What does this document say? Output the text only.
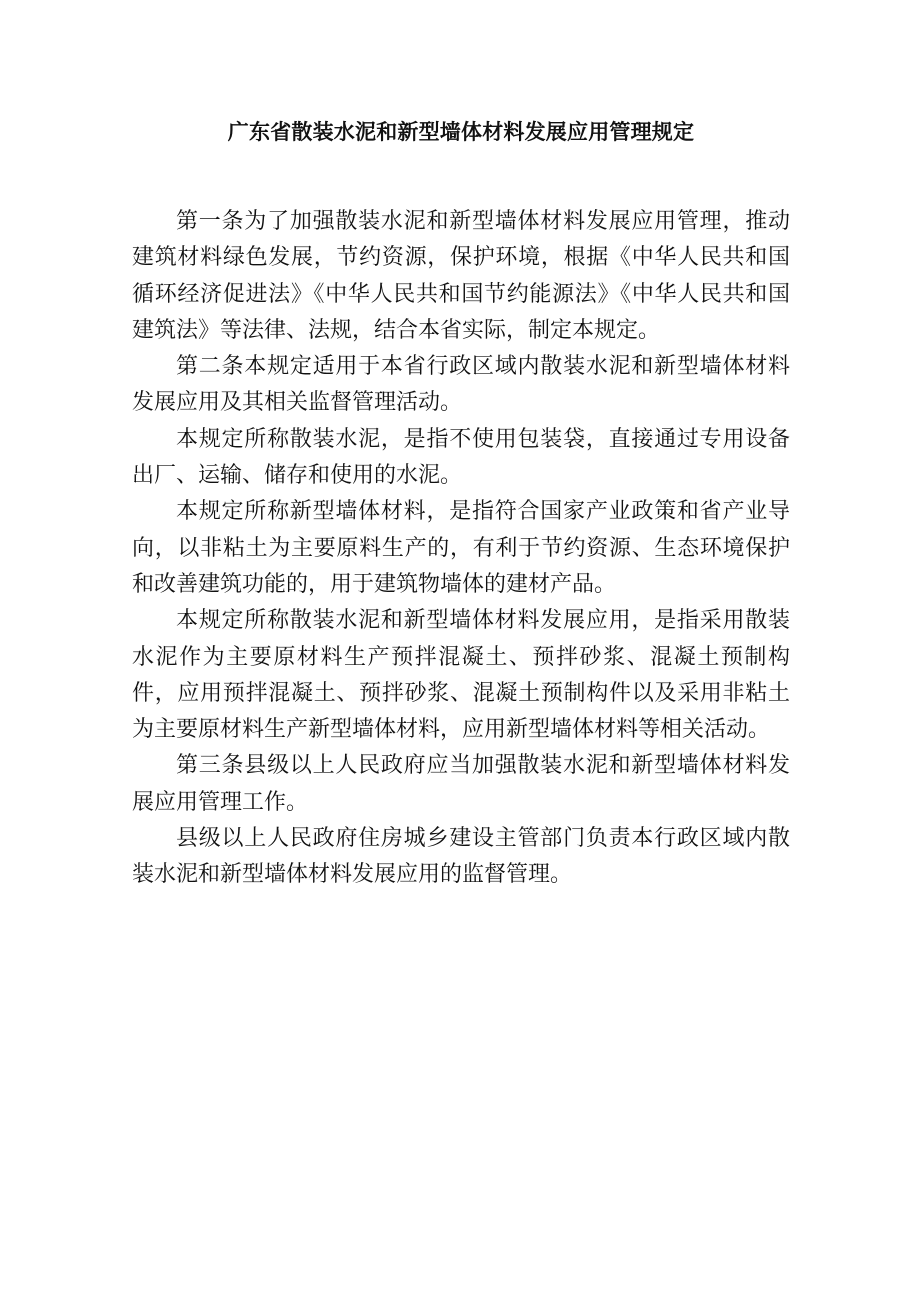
广东省散装水泥和新型墙体材料发展应用管理规定

第一条为了加强散装水泥和新型墙体材料发展应用管理，推动建筑材料绿色发展，节约资源，保护环境，根据《中华人民共和国循环经济促进法》《中华人民共和国节约能源法》《中华人民共和国建筑法》等法律、法规，结合本省实际，制定本规定。

第二条本规定适用于本省行政区域内散装水泥和新型墙体材料发展应用及其相关监督管理活动。

本规定所称散装水泥，是指不使用包装袋，直接通过专用设备出厂、运输、储存和使用的水泥。

本规定所称新型墙体材料，是指符合国家产业政策和省产业导向，以非粘土为主要原料生产的，有利于节约资源、生态环境保护和改善建筑功能的，用于建筑物墙体的建材产品。

本规定所称散装水泥和新型墙体材料发展应用，是指采用散装水泥作为主要原材料生产预拌混凝土、预拌砂浆、混凝土预制构件，应用预拌混凝土、预拌砂浆、混凝土预制构件以及采用非粘土为主要原材料生产新型墙体材料，应用新型墙体材料等相关活动。

第三条县级以上人民政府应当加强散装水泥和新型墙体材料发展应用管理工作。

县级以上人民政府住房城乡建设主管部门负责本行政区域内散装水泥和新型墙体材料发展应用的监督管理。
